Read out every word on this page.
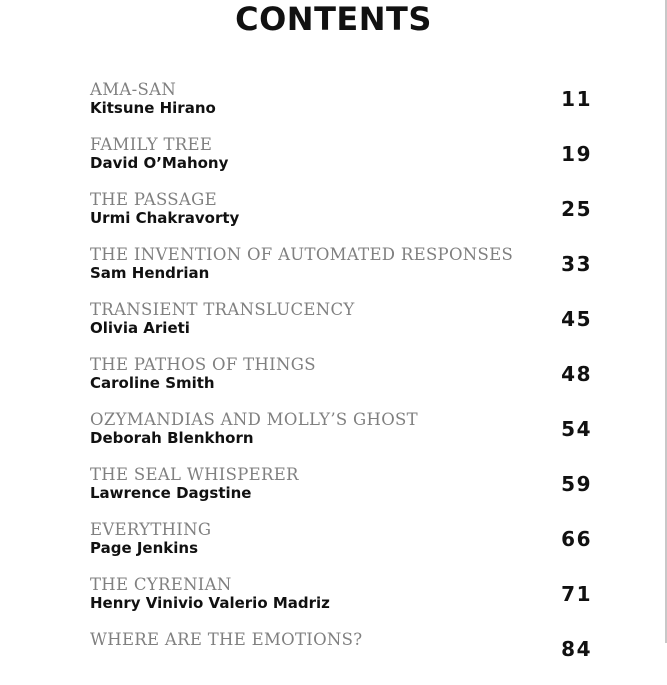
CONTENTS
AMA-SAN
Kitsune Hirano	11
FAMILY TREE
David O’Mahony	19
THE PASSAGE
Urmi Chakravorty	25
THE INVENTION OF AUTOMATED RESPONSES
Sam Hendrian	33
TRANSIENT TRANSLUCENCY
Olivia Arieti	45
THE PATHOS OF THINGS
Caroline Smith	48
OZYMANDIAS AND MOLLY’S GHOST
Deborah Blenkhorn	54
THE SEAL WHISPERER
Lawrence Dagstine	59
EVERYTHING
Page Jenkins	66
THE CYRENIAN
Henry Vinivio Valerio Madriz	71
WHERE ARE THE EMOTIONS?	84
